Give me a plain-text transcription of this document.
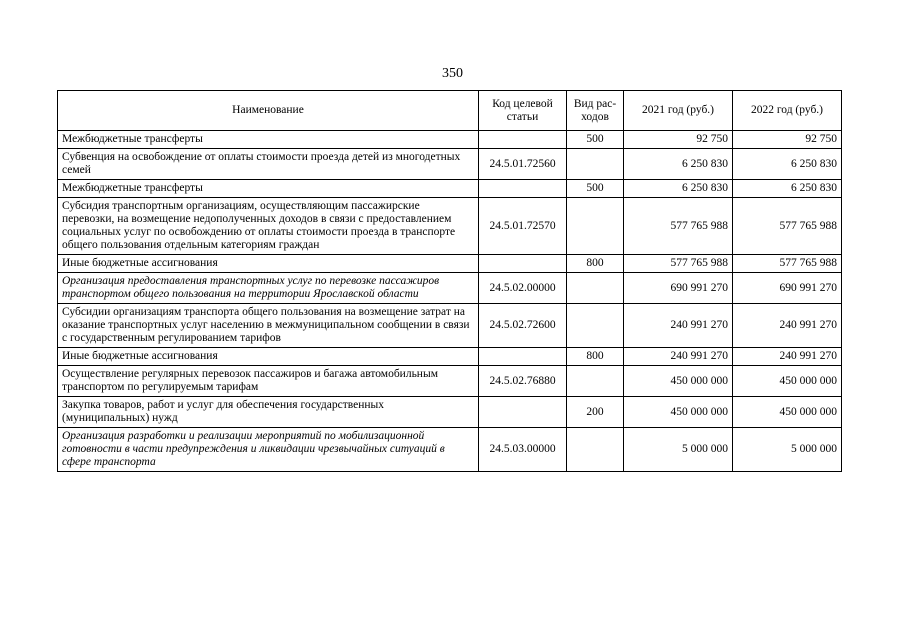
350
Наименование	Код целевой статьи	Вид рас-ходов	2021 год (руб.)	2022 год (руб.)
Межбюджетные трансферты		500	92 750	92 750
Субвенция на освобождение от оплаты стоимости проезда детей из многодетных семей	24.5.01.72560		6 250 830	6 250 830
Межбюджетные трансферты		500	6 250 830	6 250 830
Субсидия транспортным организациям, осуществляющим пассажирские перевозки, на возмещение недополученных доходов в связи с предоставлением социальных услуг по освобождению от оплаты стоимости проезда в транспорте общего пользования отдельным категориям граждан	24.5.01.72570		577 765 988	577 765 988
Иные бюджетные ассигнования		800	577 765 988	577 765 988
Организация предоставления транспортных услуг по перевозке пассажиров транспортом общего пользования на территории Ярославской области	24.5.02.00000		690 991 270	690 991 270
Субсидии организациям транспорта общего пользования на возмещение затрат на оказание транспортных услуг населению в межмуниципальном сообщении в связи с государственным регулированием тарифов	24.5.02.72600		240 991 270	240 991 270
Иные бюджетные ассигнования		800	240 991 270	240 991 270
Осуществление регулярных перевозок пассажиров и багажа автомобильным транспортом по регулируемым тарифам	24.5.02.76880		450 000 000	450 000 000
Закупка товаров, работ и услуг для обеспечения государственных (муниципальных) нужд		200	450 000 000	450 000 000
Организация разработки и реализации мероприятий по мобилизационной готовности в части предупреждения и ликвидации чрезвычайных ситуаций в сфере транспорта	24.5.03.00000		5 000 000	5 000 000
